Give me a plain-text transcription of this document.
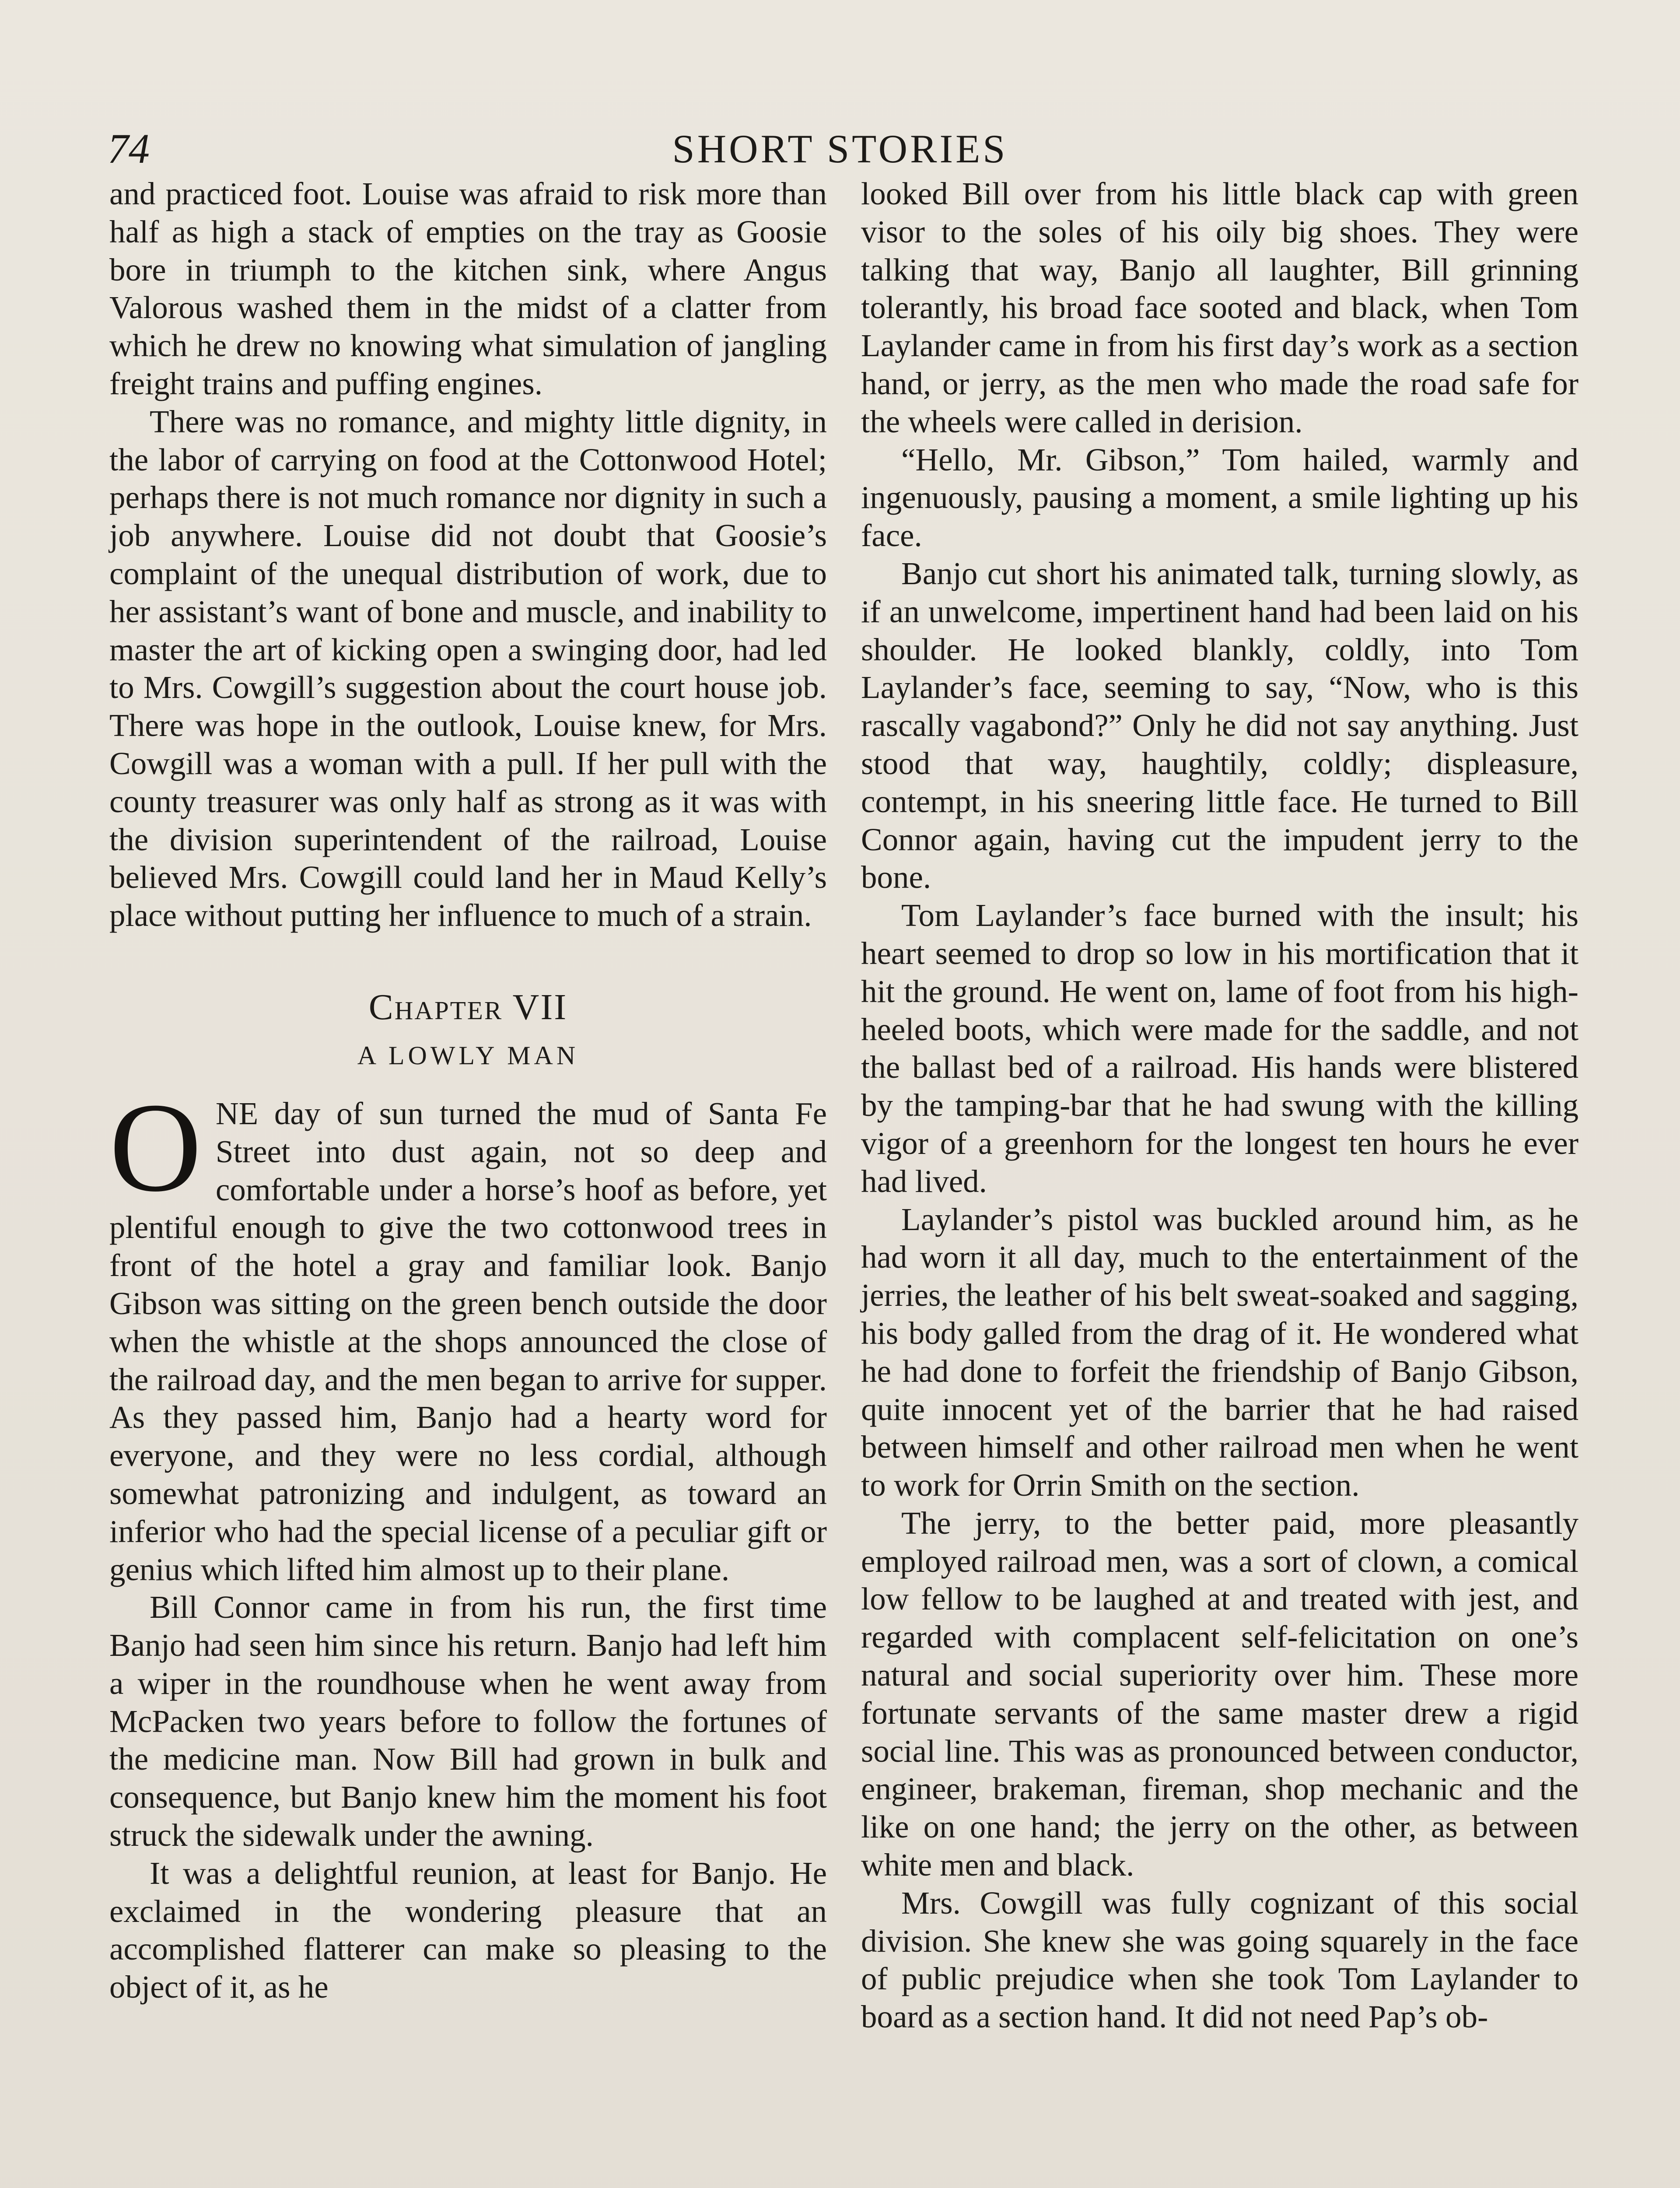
74	SHORT STORIES

and practiced foot. Louise was afraid to risk more than half as high a stack of empties on the tray as Goosie bore in triumph to the kitchen sink, where Angus Valorous washed them in the midst of a clatter from which he drew no knowing what simulation of jangling freight trains and puffing engines.

There was no romance, and mighty little dignity, in the labor of carrying on food at the Cottonwood Hotel; perhaps there is not much romance nor dignity in such a job anywhere. Louise did not doubt that Goosie’s complaint of the unequal distribution of work, due to her assistant’s want of bone and muscle, and inability to master the art of kicking open a swinging door, had led to Mrs. Cowgill’s suggestion about the court house job. There was hope in the outlook, Louise knew, for Mrs. Cowgill was a woman with a pull. If her pull with the county treasurer was only half as strong as it was with the division superintendent of the railroad, Louise believed Mrs. Cowgill could land her in Maud Kelly’s place without putting her influence to much of a strain.

Chapter VII
A LOWLY MAN

ONE day of sun turned the mud of Santa Fe Street into dust again, not so deep and comfortable under a horse’s hoof as before, yet plentiful enough to give the two cottonwood trees in front of the hotel a gray and familiar look. Banjo Gibson was sitting on the green bench outside the door when the whistle at the shops announced the close of the railroad day, and the men began to arrive for supper. As they passed him, Banjo had a hearty word for everyone, and they were no less cordial, although somewhat patronizing and indulgent, as toward an inferior who had the special license of a peculiar gift or genius which lifted him almost up to their plane.

Bill Connor came in from his run, the first time Banjo had seen him since his return. Banjo had left him a wiper in the roundhouse when he went away from McPacken two years before to follow the fortunes of the medicine man. Now Bill had grown in bulk and consequence, but Banjo knew him the moment his foot struck the sidewalk under the awning.

It was a delightful reunion, at least for Banjo. He exclaimed in the wondering pleasure that an accomplished flatterer can make so pleasing to the object of it, as he

looked Bill over from his little black cap with green visor to the soles of his oily big shoes. They were talking that way, Banjo all laughter, Bill grinning tolerantly, his broad face sooted and black, when Tom Laylander came in from his first day’s work as a section hand, or jerry, as the men who made the road safe for the wheels were called in derision.

“Hello, Mr. Gibson,” Tom hailed, warmly and ingenuously, pausing a moment, a smile lighting up his face.

Banjo cut short his animated talk, turning slowly, as if an unwelcome, impertinent hand had been laid on his shoulder. He looked blankly, coldly, into Tom Laylander’s face, seeming to say, “Now, who is this rascally vagabond?” Only he did not say anything. Just stood that way, haughtily, coldly; displeasure, contempt, in his sneering little face. He turned to Bill Connor again, having cut the impudent jerry to the bone.

Tom Laylander’s face burned with the insult; his heart seemed to drop so low in his mortification that it hit the ground. He went on, lame of foot from his high-heeled boots, which were made for the saddle, and not the ballast bed of a railroad. His hands were blistered by the tamping-bar that he had swung with the killing vigor of a greenhorn for the longest ten hours he ever had lived.

Laylander’s pistol was buckled around him, as he had worn it all day, much to the entertainment of the jerries, the leather of his belt sweat-soaked and sagging, his body galled from the drag of it. He wondered what he had done to forfeit the friendship of Banjo Gibson, quite innocent yet of the barrier that he had raised between himself and other railroad men when he went to work for Orrin Smith on the section.

The jerry, to the better paid, more pleasantly employed railroad men, was a sort of clown, a comical low fellow to be laughed at and treated with jest, and regarded with complacent self-felicitation on one’s natural and social superiority over him. These more fortunate servants of the same master drew a rigid social line. This was as pronounced between conductor, engineer, brakeman, fireman, shop mechanic and the like on one hand; the jerry on the other, as between white men and black.

Mrs. Cowgill was fully cognizant of this social division. She knew she was going squarely in the face of public prejudice when she took Tom Laylander to board as a section hand. It did not need Pap’s ob-
